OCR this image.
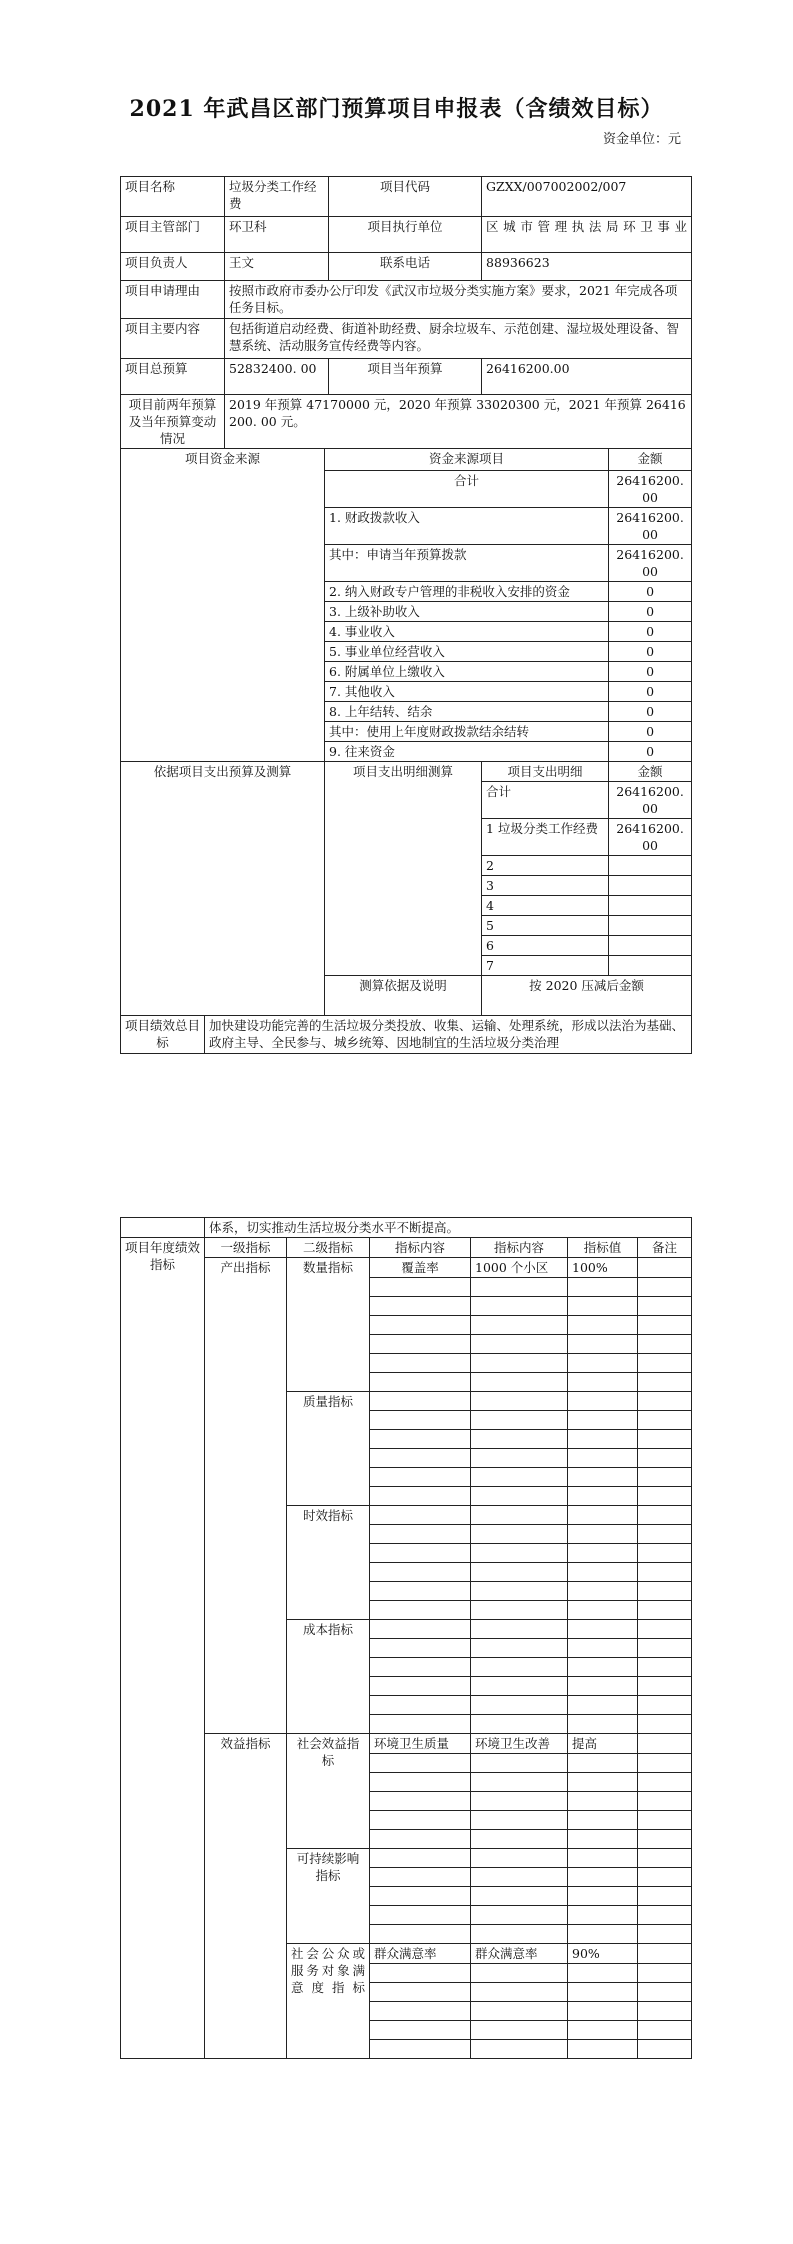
2021 年武昌区部门预算项目申报表（含绩效目标）
资金单位：元
项目名称		垃圾分类工作经费		项目代码	GZXX/007002002/007	
项目主管部门		环卫科		项目执行单位	区城市管理执法局环卫事业	
项目负责人		王文		联系电话	88936623	
项目申请理由		按照市政府市委办公厅印发《武汉市垃圾分类实施方案》要求，2021 年完成各项任务目标。				
项目主要内容		包括街道启动经费、街道补助经费、厨余垃圾车、示范创建、湿垃圾处理设备、智慧系统、活动服务宣传经费等内容。				
项目总预算		52832400. 00		项目当年预算	26416200.00	
项目前两年预算及当年预算变动情况		2019 年预算 47170000 元，2020 年预算 33020300 元，2021 年预算 26416200. 00 元。				
项目资金来源			资金来源项目			金额
			合计			26416200. 00
			1. 财政拨款收入			26416200. 00
			其中：申请当年预算拨款			26416200.00
			2. 纳入财政专户管理的非税收入安排的资金			0
			3. 上级补助收入			0
			4. 事业收入			0
			5. 事业单位经营收入			0
			6. 附属单位上缴收入			0
			7. 其他收入			0
			8. 上年结转、结余			0
			其中：使用上年度财政拨款结余结转			0
			9. 往来资金			0
依据项目支出预算及测算			项目支出明细测算		项目支出明细	金额
					合计	26416200. 00
					1 垃圾分类工作经费	26416200. 00
					2	
					3	
					4	
					5	
					6	
					7	
			测算依据及说明		按 2020 压减后金额	
项目绩效总目标	加快建设功能完善的生活垃圾分类投放、收集、运输、处理系统，形成以法治为基础、政府主导、全民参与、城乡统筹、因地制宜的生活垃圾分类治理					
	体系，切实推动生活垃圾分类水平不断提高。					
项目年度绩效指标	一级指标	二级指标	指标内容	指标内容	指标值	备注
	产出指标	数量指标	覆盖率	1000 个小区	100%	

		质量指标				

		时效指标				

		成本指标				

	效益指标	社会效益指标	环境卫生质量	环境卫生改善	提高	

		可持续影响指标				

		社会公众或服务对象满意度指标	群众满意率	群众满意率	90%	
